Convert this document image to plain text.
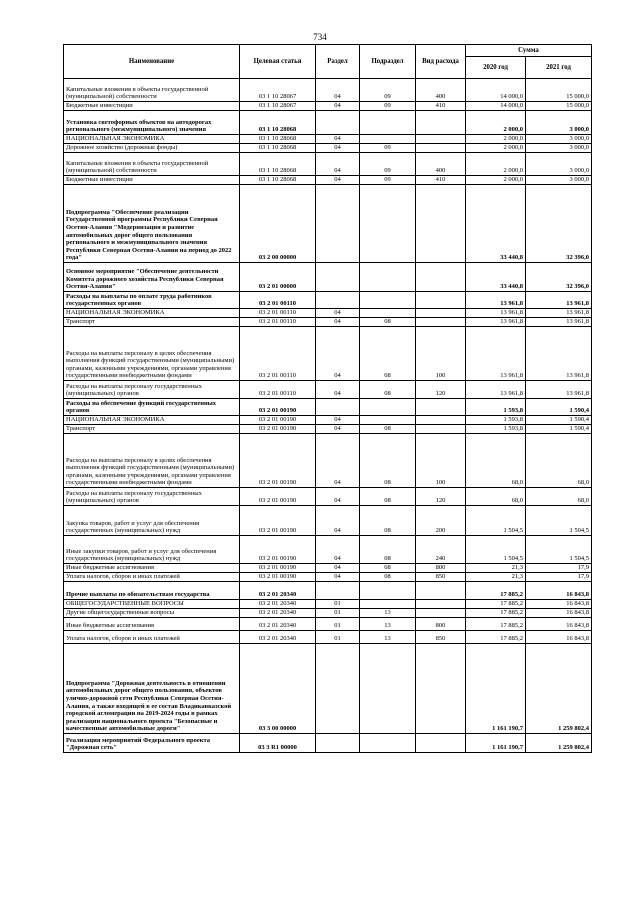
734
Наименование	Целевая статья	Раздел	Подраздел	Вид расхода	Сумма	
					2020 год	2021 год
Капитальные вложения в объекты государственной (муниципальной) собственности	03 1 10 28067	04	09	400	14 000,0	15 000,0
Бюджетные инвестиции	03 1 10 28067	04	09	410	14 000,0	15 000,0
Установка светофорных объектов на автодорогах регионального (межмуниципального) значения	03 1 10 28068				2 000,0	3 000,0
НАЦИОНАЛЬНАЯ ЭКОНОМИКА	03 1 10 28068	04			2 000,0	3 000,0
Дорожное хозяйство (дорожные фонды)	03 1 10 28068	04	09		2 000,0	3 000,0
Капитальные вложения в объекты государственной (муниципальной) собственности	03 1 10 28068	04	09	400	2 000,0	3 000,0
Бюджетные инвестиции	03 1 10 28068	04	09	410	2 000,0	3 000,0
Подпрограмма "Обеспечение реализации Государственной программы Республики Северная Осетия-Алания "Модернизация и развитие автомобильных дорог общего пользования регионального и межмуниципального значения Республики Северная Осетия-Алания на период до 2022 года"	03 2 00 00000				33 440,8	32 396,0
Основное мероприятие "Обеспечение деятельности Комитета дорожного хозяйства Республики Северная Осетия-Алания"	03 2 01 00000				33 440,8	32 396,0
Расходы на выплаты по оплате труда работников государственных органов	03 2 01 00110				13 961,8	13 961,8
НАЦИОНАЛЬНАЯ ЭКОНОМИКА	03 2 01 00110	04			13 961,8	13 961,8
Транспорт	03 2 01 00110	04	08		13 961,8	13 961,8
Расходы на выплаты персоналу в целях обеспечения выполнения функций государственными (муниципальными) органами, казенными учреждениями, органами управления государственными внебюджетными фондами	03 2 01 00110	04	08	100	13 961,8	13 961,8
Расходы на выплаты персоналу государственных (муниципальных) органов	03 2 01 00110	04	08	120	13 961,8	13 961,8
Расходы на обеспечение функций государственных органов	03 2 01 00190				1 593,8	1 590,4
НАЦИОНАЛЬНАЯ ЭКОНОМИКА	03 2 01 00190	04			1 593,8	1 590,4
Транспорт	03 2 01 00190	04	08		1 593,8	1 590,4
Расходы на выплаты персоналу в целях обеспечения выполнения функций государственными (муниципальными) органами, казенными учреждениями, органами управления государственными внебюджетными фондами	03 2 01 00190	04	08	100	68,0	68,0
Расходы на выплаты персоналу государственных (муниципальных) органов	03 2 01 00190	04	08	120	68,0	68,0
Закупка товаров, работ и услуг для обеспечения государственных (муниципальных) нужд	03 2 01 00190	04	08	200	1 504,5	1 504,5
Иные закупки товаров, работ и услуг для обеспечения государственных (муниципальных) нужд	03 2 01 00190	04	08	240	1 504,5	1 504,5
Иные бюджетные ассигнования	03 2 01 00190	04	08	800	21,3	17,9
Уплата налогов, сборов и иных платежей	03 2 01 00190	04	08	850	21,3	17,9
Прочие выплаты по обязательствам государства	03 2 01 20340				17 885,2	16 843,8
ОБЩЕГОСУДАРСТВЕННЫЕ ВОПРОСЫ	03 2 01 20340	01			17 885,2	16 843,8
Другие общегосударственные вопросы	03 2 01 20340	01	13		17 885,2	16 843,8
Иные бюджетные ассигнования	03 2 01 20340	01	13	800	17 885,2	16 843,8
Уплата налогов, сборов и иных платежей	03 2 01 20340	01	13	850	17 885,2	16 843,8
Подпрограмма "Дорожная деятельность в отношении автомобильных дорог общего пользования, объектов улично-дорожной сети Республики Северная Осетия-Алания, а также входящей в ее состав Владикавказской городской агломерации на 2019-2024 годы в рамках реализации национального проекта "Безопасные и качественные автомобильные дороги"	03 3 00 00000				1 161 190,7	1 259 802,4
Реализация мероприятий Федерального проекта "Дорожная сеть"	03 3 R1 00000				1 161 190,7	1 259 802,4
